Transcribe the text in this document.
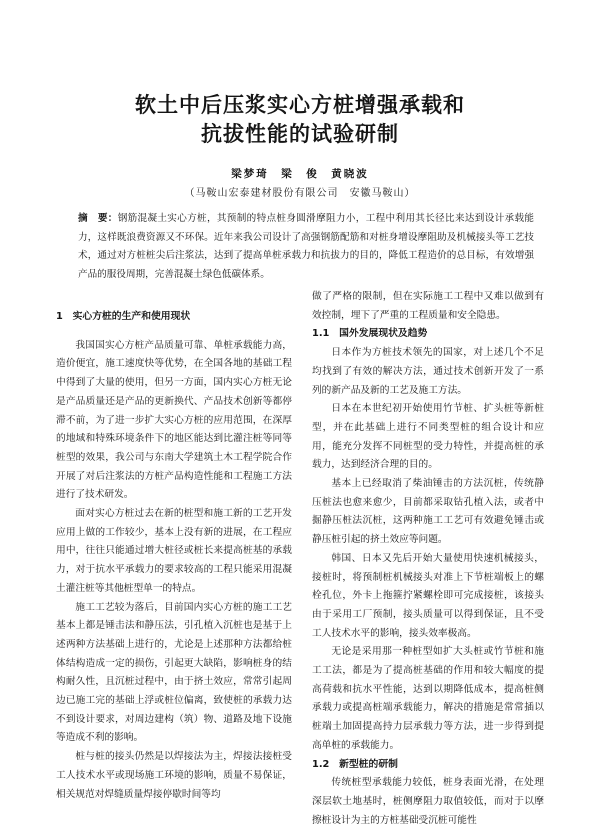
软土中后压浆实心方桩增强承载和
抗拔性能的试验研制
梁梦琦　梁　俊　黄晓波
（马鞍山宏泰建材股份有限公司　安徽马鞍山）
摘　要：钢筋混凝土实心方桩，其预制的特点桩身圆滑摩阻力小，工程中利用其长径比来达到设计承载能力，这样既浪费资源又不环保。近年来我公司设计了高强钢筋配筋和对桩身增设摩阻助及机械接头等工艺技术，通过对方桩桩尖后注浆法，达到了提高单桩承载力和抗拔力的目的，降低工程造价的总目标，有效增强产品的服役周期，完善混凝土绿色低碳体系。
1　实心方桩的生产和使用现状

我国国实心方桩产品质量可靠、单桩承载能力高，造价便宜，施工速度快等优势，在全国各地的基础工程中得到了大量的使用，但另一方面，国内实心方桩无论是产品质量还是产品的更新换代、产品技术创新等都停滞不前，为了进一步扩大实心方桩的应用范围，在深厚的地域和特殊环境条件下的地区能达到比灌注桩等同等桩型的效果，我公司与东南大学建筑土木工程学院合作开展了对后注浆法的方桩产品构造性能和工程施工方法进行了技术研发。

面对实心方桩过去在新的桩型和施工新的工艺开发应用上做的工作较少，基本上没有新的进展，在工程应用中，往往只能通过增大桩径或桩长来提高桩基的承载力，对于抗水平承载力的要求较高的工程只能采用混凝土灌注桩等其他桩型单一的特点。

施工工艺较为落后，目前国内实心方桩的施工工艺基本上都是锤击法和静压法，引孔植入沉桩也是基于上述两种方法基础上进行的，尤论是上述那种方法都给桩体结构造成一定的损伤，引起更大缺陷，影响桩身的结构耐久性，且沉桩过程中，由于挤土效应，常常引起周边已施工完的基础上浮或桩位偏离，致使桩的承载力达不到设计要求，对周边建构（筑）物、道路及地下设施等造成不利的影响。

桩与桩的接头仍然是以焊接法为主，焊接法接桩受工人技术水平或现场施工环境的影响，质量不易保证，相关规范对焊缝质量焊接停歇时间等均

做了严格的限制，但在实际施工工程中又难以做到有效控制，埋下了严重的工程质量和安全隐患。

1.1　国外发展现状及趋势

日本作为方桩技术领先的国家，对上述几个不足均找到了有效的解决方法，通过技术创新开发了一系列的新产品及新的工艺及施工方法。

日本在本世纪初开始使用竹节桩、扩头桩等新桩型，并在此基础上进行不同类型桩的组合设计和应用，能充分发挥不同桩型的受力特性，并提高桩的承载力，达到经济合理的目的。

基本上已经取消了柴油锤击的方法沉桩，传统静压桩法也愈来愈少，目前都采取钻孔植入法，或者中掘静压桩法沉桩，这两种施工工艺可有效避免锤击或静压桩引起的挤土效应等问题。

韩国、日本又先后开始大量使用快速机械接头，接桩时，将预制桩机械接头对准上下节桩端板上的螺栓孔位，外卡上拖箍拧紧螺栓即可完成接桩，该接头由于采用工厂预制，接头质量可以得到保证，且不受工人技术水平的影响，接头效率极高。

无论是采用那一种桩型如扩大头桩或竹节桩和施工工法，都是为了提高桩基础的作用和较大幅度的提高荷载和抗水平性能，达到以期降低成本，提高桩侧承载力或提高桩端承载能力，解决的措施是常常插以桩端土加固提高持力层承载力等方法，进一步得到提高单桩的承载能力。

1.2　新型桩的研制

传统桩型承载能力较低，桩身表面光滑，在处理深层软土地基时，桩侧摩阻力取值较低，而对于以摩擦桩设计为主的方桩基础受沉桩可能性
